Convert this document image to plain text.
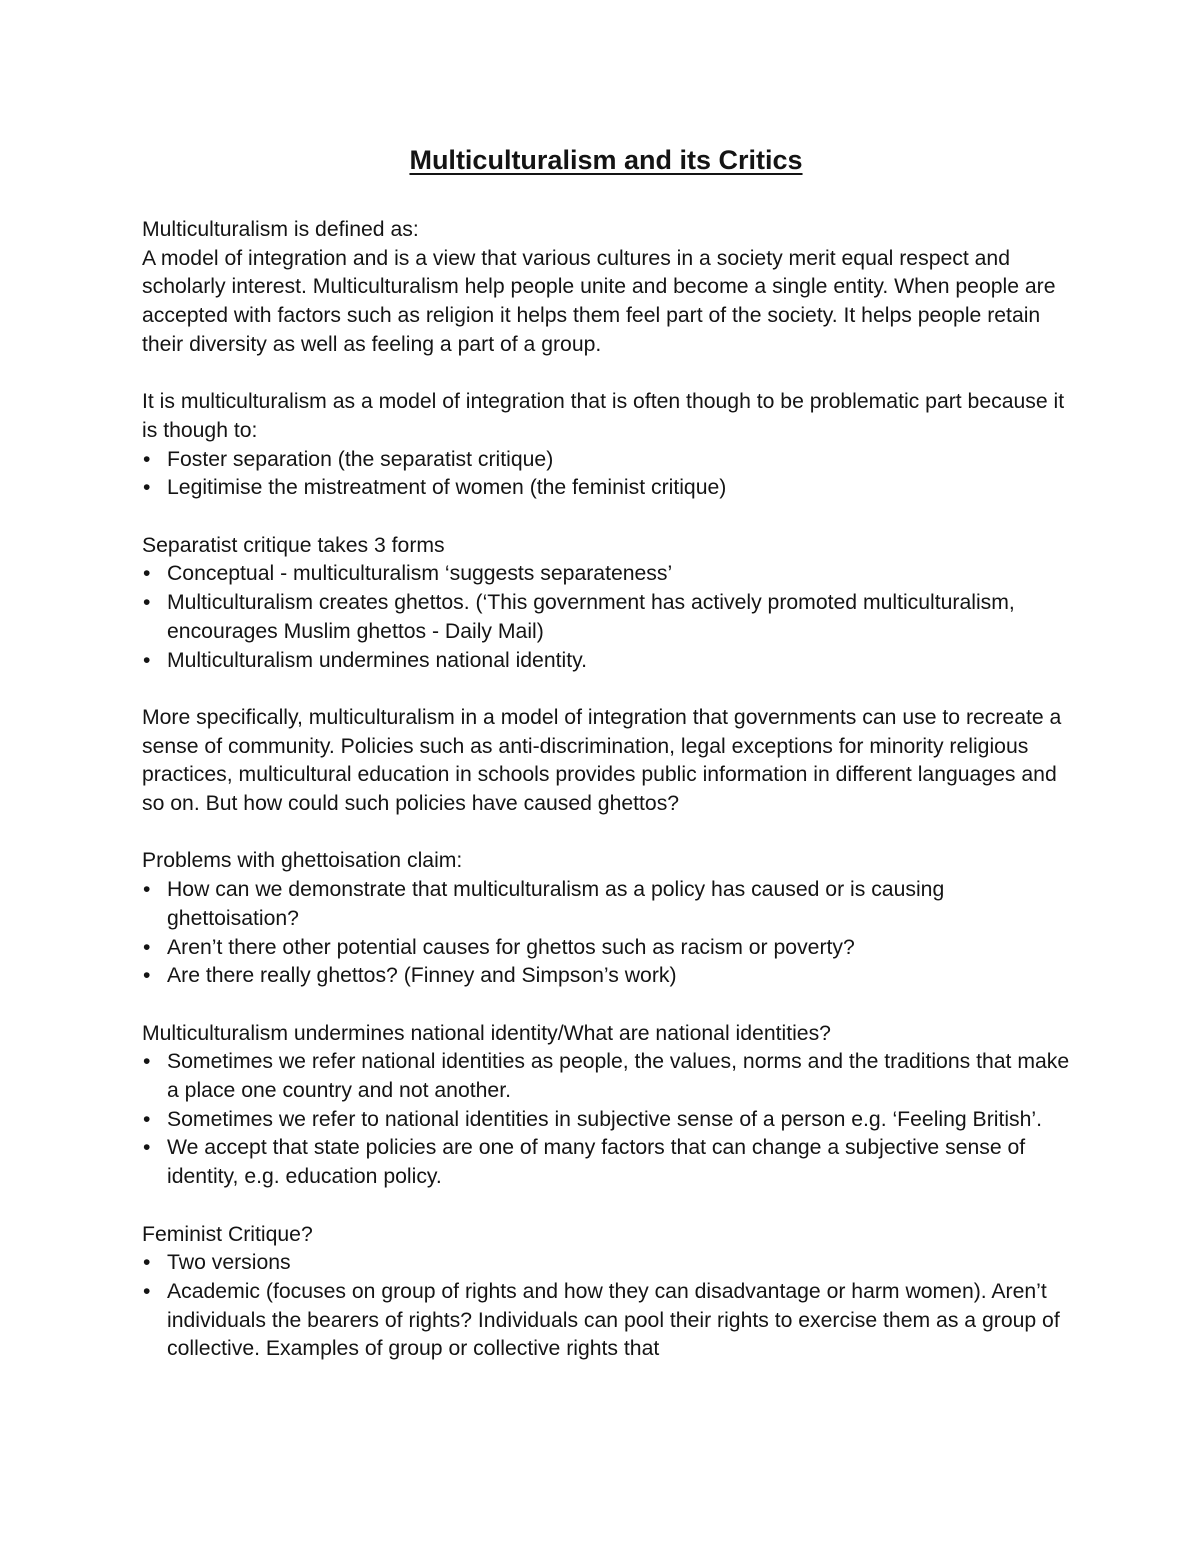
Multiculturalism and its Critics

Multiculturalism is defined as:

A model of integration and is a view that various cultures in a society merit equal respect and scholarly interest. Multiculturalism help people unite and become a single entity. When people are accepted with factors such as religion it helps them feel part of the society. It helps people retain their diversity as well as feeling a part of a group.

It is multiculturalism as a model of integration that is often though to be problematic part because it is though to:

• Foster separation (the separatist critique)
• Legitimise the mistreatment of women (the feminist critique)

Separatist critique takes 3 forms

• Conceptual - multiculturalism ‘suggests separateness’
• Multiculturalism creates ghettos. (‘This government has actively promoted multiculturalism, encourages Muslim ghettos - Daily Mail)
• Multiculturalism undermines national identity.

More specifically, multiculturalism in a model of integration that governments can use to recreate a sense of community. Policies such as anti-discrimination, legal exceptions for minority religious practices, multicultural education in schools provides public information in different languages and so on. But how could such policies have caused ghettos?

Problems with ghettoisation claim:

• How can we demonstrate that multiculturalism as a policy has caused or is causing ghettoisation?
• Aren’t there other potential causes for ghettos such as racism or poverty?
• Are there really ghettos? (Finney and Simpson’s work)

Multiculturalism undermines national identity/What are national identities?

• Sometimes we refer national identities as people, the values, norms and the traditions that make a place one country and not another.
• Sometimes we refer to national identities in subjective sense of a person e.g. ‘Feeling British’.
• We accept that state policies are one of many factors that can change a subjective sense of identity, e.g. education policy.

Feminist Critique?

• Two versions
• Academic (focuses on group of rights and how they can disadvantage or harm women). Aren’t individuals the bearers of rights? Individuals can pool their rights to exercise them as a group of collective. Examples of group or collective rights that
